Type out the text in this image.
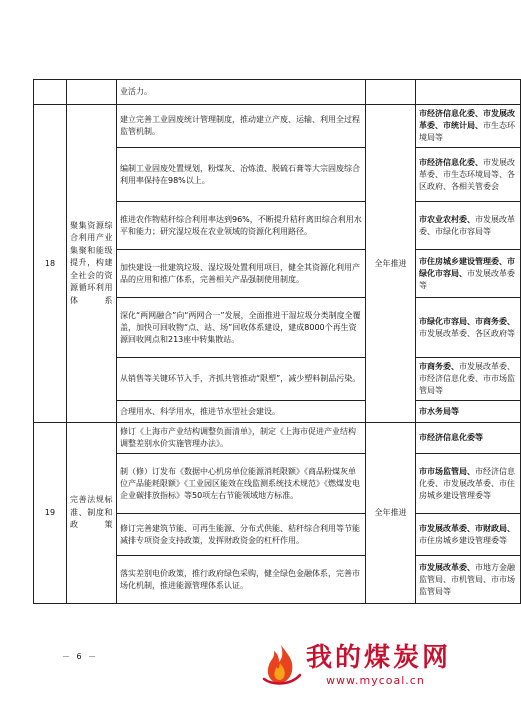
		业活力。		
18	聚集资源综合利用产业集聚和能级提升，构建全社会的资源循环利用体系	建立完善工业固废统计管理制度，推动建立产废、运输、利用全过程监管机制。	全年推进	市经济信息化委、市发展改革委、市统计局、市生态环境局等
		编制工业固废处置规划，粉煤灰、冶炼渣、脱硫石膏等大宗固废综合利用率保持在98%以上。		市经济信息化委、市发展改革委、市生态环境局等、各区政府、各相关管委会
		推进农作物秸秆综合利用率达到96%，不断提升秸秆离田综合利用水平和能力；研究湿垃圾在农业领域的资源化利用路径。		市农业农村委、市发展改革委、市绿化市容局等
		加快建设一批建筑垃圾、湿垃圾处置利用项目，健全其资源化利用产品的应用和推广体系，完善相关产品强制使用制度。		市住房城乡建设管理委、市绿化市容局、市发展改革委等
		深化“两网融合”向“两网合一”发展，全面推进干湿垃圾分类制度全覆盖，加快可回收物“点、站、场”回收体系建设，建成8000个再生资源回收网点和213座中转集散站。		市绿化市容局、市商务委、市发展改革委、各区政府等
		从销售等关键环节入手，齐抓共管推动“限塑”，减少塑料制品污染。		市商务委、市发展改革委、市经济信息化委、市市场监管局等
		合理用水、科学用水，推进节水型社会建设。		市水务局等
19	完善法规标准、制度和政策	修订《上海市产业结构调整负面清单》，制定《上海市促进产业结构调整差别水价实施管理办法》。	全年推进	市经济信息化委等
		制（修）订发布《数据中心机房单位能源消耗限额》《商品粉煤灰单位产品能耗限额》《工业园区能效在线监测系统技术规范》《燃煤发电企业碳排放指标》等50项左右节能领域地方标准。		市市场监管局、市经济信息化委、市发展改革委、市住房城乡建设管理委等
		修订完善建筑节能、可再生能源、分布式供能、秸秆综合利用等节能减排专项资金支持政策，发挥财政资金的杠杆作用。		市发展改革委、市财政局、市住房城乡建设管理委等
		落实差别电价政策，推行政府绿色采购，健全绿色金融体系，完善市场化机制，推进能源管理体系认证。		市发展改革委、市地方金融监管局、市机管局、市市场监管局等
－ 6 －	我的煤炭网
www.mycoal.cn
